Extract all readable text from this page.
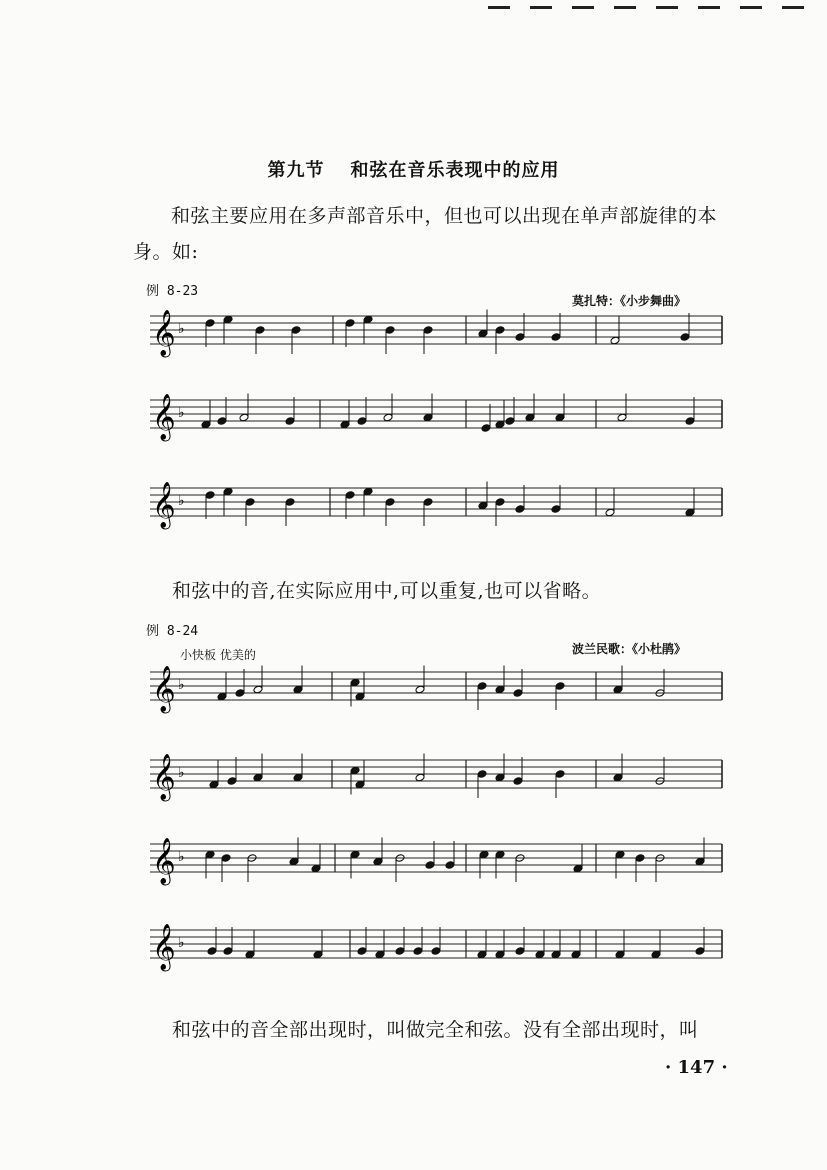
第九节 和弦在音乐表现中的应用
和弦主要应用在多声部音乐中，但也可以出现在单声部旋律的本身。如:
例 8-23
莫扎特：《小步舞曲》
𝄞 ♭
𝄞 ♭
𝄞 ♭
和弦中的音,在实际应用中,可以重复,也可以省略。
例 8-24
小快板 优美的	波兰民歌：《小杜鹃》
𝄞 ♭
𝄞 ♭
𝄞 ♭
𝄞 ♭
和弦中的音全部出现时，叫做完全和弦。没有全部出现时，叫
· 147 ·
